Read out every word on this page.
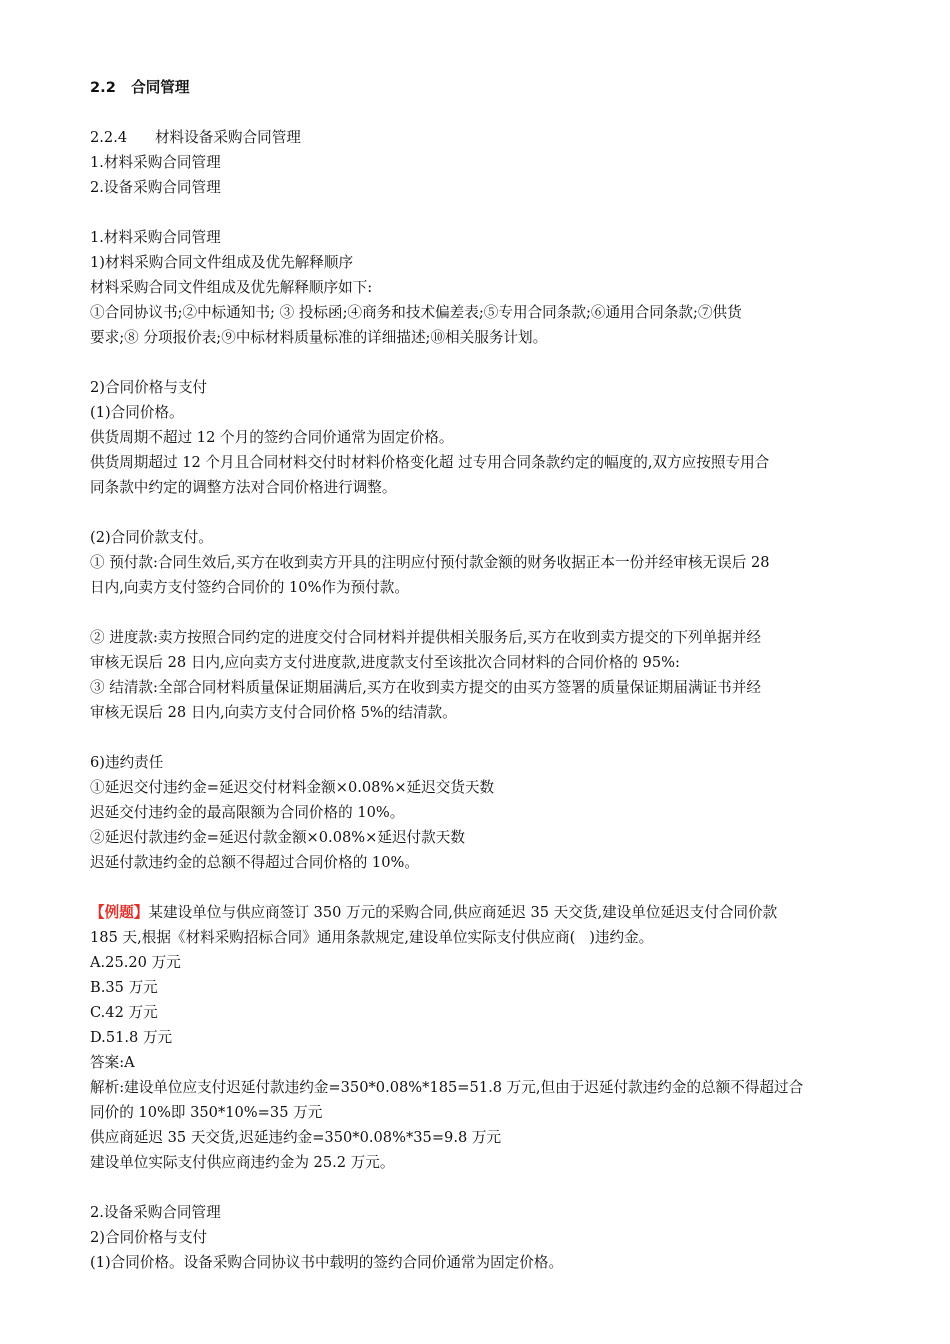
2.2   合同管理
2.2.4      材料设备采购合同管理
1.材料采购合同管理
2.设备采购合同管理
1.材料采购合同管理
1)材料采购合同文件组成及优先解释顺序
材料采购合同文件组成及优先解释顺序如下:
①合同协议书;②中标通知书; ③ 投标函;④商务和技术偏差表;⑤专用合同条款;⑥通用合同条款;⑦供货
要求;⑧ 分项报价表;⑨中标材料质量标准的详细描述;⑩相关服务计划。
2)合同价格与支付
(1)合同价格。
供货周期不超过 12 个月的签约合同价通常为固定价格。
供货周期超过 12 个月且合同材料交付时材料价格变化超 过专用合同条款约定的幅度的,双方应按照专用合
同条款中约定的调整方法对合同价格进行调整。
(2)合同价款支付。
① 预付款:合同生效后,买方在收到卖方开具的注明应付预付款金额的财务收据正本一份并经审核无误后 28
日内,向卖方支付签约合同价的 10%作为预付款。
② 进度款:卖方按照合同约定的进度交付合同材料并提供相关服务后,买方在收到卖方提交的下列单据并经
审核无误后 28 日内,应向卖方支付进度款,进度款支付至该批次合同材料的合同价格的 95%:
③ 结清款:全部合同材料质量保证期届满后,买方在收到卖方提交的由买方签署的质量保证期届满证书并经
审核无误后 28 日内,向卖方支付合同价格 5%的结清款。
6)违约责任
①延迟交付违约金=延迟交付材料金额×0.08%×延迟交货天数
迟延交付违约金的最高限额为合同价格的 10%。
②延迟付款违约金=延迟付款金额×0.08%×延迟付款天数
迟延付款违约金的总额不得超过合同价格的 10%。
【例题】某建设单位与供应商签订 350 万元的采购合同,供应商延迟 35 天交货,建设单位延迟支付合同价款
185 天,根据《材料采购招标合同》通用条款规定,建设单位实际支付供应商(   )违约金。
A.25.20 万元
B.35 万元
C.42 万元
D.51.8 万元
答案:A
解析:建设单位应支付迟延付款违约金=350*0.08%*185=51.8 万元,但由于迟延付款违约金的总额不得超过合
同价的 10%即 350*10%=35 万元
供应商延迟 35 天交货,迟延违约金=350*0.08%*35=9.8 万元
建设单位实际支付供应商违约金为 25.2 万元。
2.设备采购合同管理
2)合同价格与支付
(1)合同价格。设备采购合同协议书中载明的签约合同价通常为固定价格。
